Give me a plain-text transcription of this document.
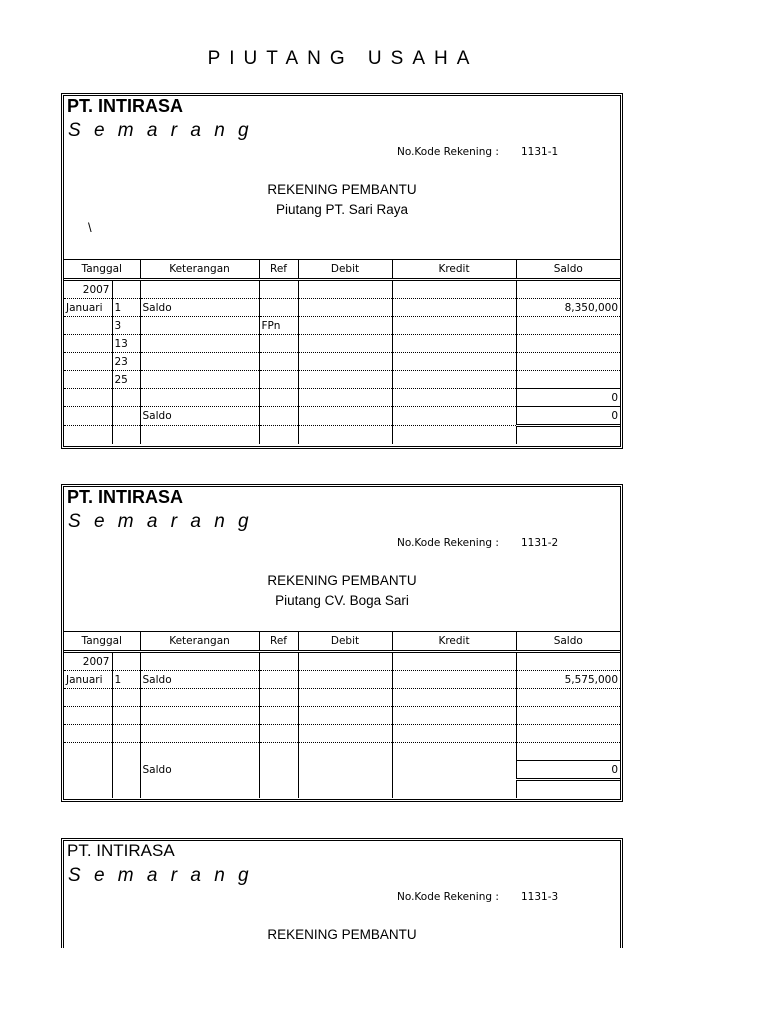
PIUTANG USAHA
PT. INTIRASA
S e m a r a n g
No.Kode Rekening : 1131-1
REKENING PEMBANTU
Piutang PT. Sari Raya
\
Tanggal		Keterangan	Ref	Debit	Kredit	Saldo
2007						
Januari	1	Saldo				8,350,000
	3		FPn			
	13					
	23					
	25					
						0
		Saldo				0

PT. INTIRASA
S e m a r a n g
No.Kode Rekening : 1131-2
REKENING PEMBANTU
Piutang CV. Boga Sari
Tanggal		Keterangan	Ref	Debit	Kredit	Saldo
2007						
Januari	1	Saldo				5,575,000

		Saldo				0

PT. INTIRASA
S e m a r a n g
No.Kode Rekening : 1131-3
REKENING PEMBANTU
